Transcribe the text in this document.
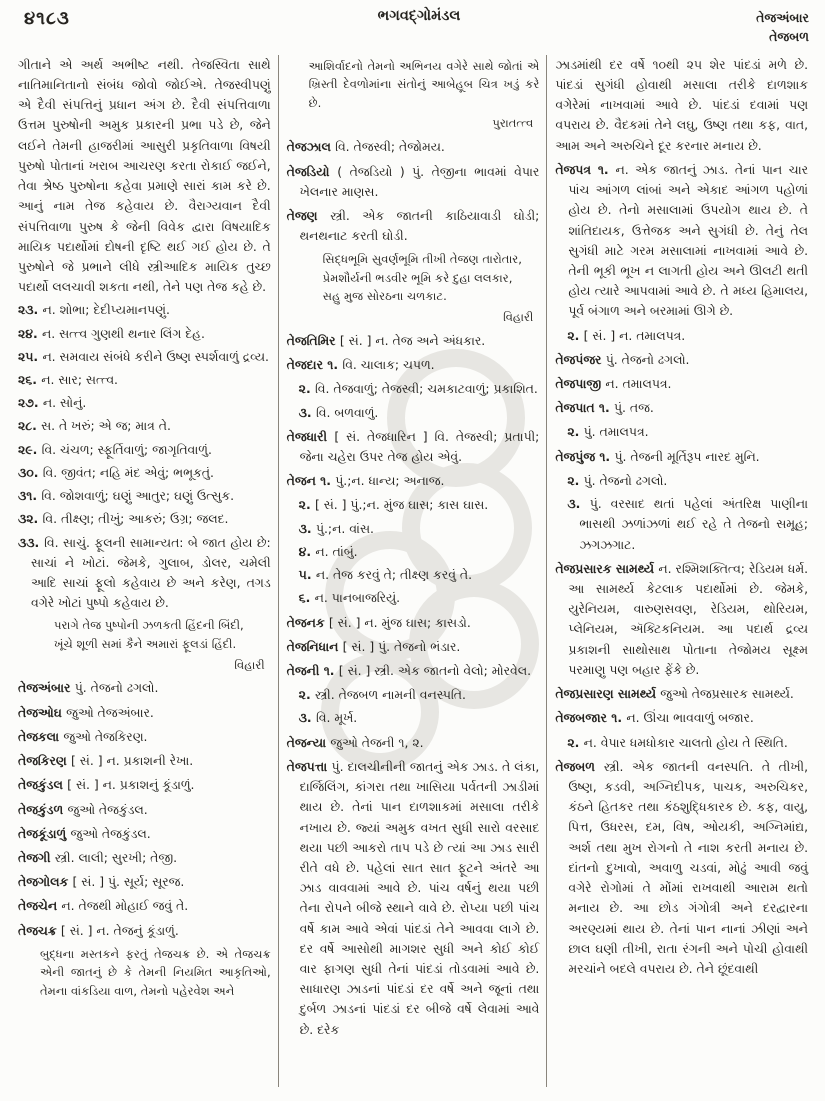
૪૧૮૩	ભગવદ્ગોમંડલ	તેજઅંબાર
તેજબળ

ગીતાને એ અર્થ અભીષ્ટ નથી. તેજસ્વિતા સાથે નાતિમાનિતાનો સંબંધ જોવો જોઈએ. તેજસ્વીપણું એ દૈવી સંપત્તિનું પ્રધાન અંગ છે. દૈવી સંપત્તિવાળા ઉત્તમ પુરુષોની અમુક પ્રકારની પ્રભા પડે છે, જેને લઈને તેમની હાજરીમાં આસુરી પ્રકૃતિવાળા વિષયી પુરુષો પોતાનાં ખરાબ આચરણ કરતા રોકાઈ જઈને, તેવા શ્રેષ્ઠ પુરુષોના કહેવા પ્રમાણે સારાં કામ કરે છે. આનું નામ તેજ કહેવાય છે. વૈરાગ્યવાન દૈવી સંપત્તિવાળા પુરુષ કે જેની વિવેક દ્વારા વિષયાદિક માયિક પદાર્થોમાં દોષની દૃષ્ટિ થઈ ગઈ હોય છે. તે પુરુષોને જે પ્રભાને લીધે સ્ત્રીઆદિક માયિક તુચ્છ પદાર્થો લલચાવી શકતા નથી, તેને પણ તેજ કહે છે.

૨૩. ન. શોભા; દેદીપ્યમાનપણું.

૨૪. ન. સત્ત્વ ગુણથી થનાર લિંગ દેહ.

૨૫. ન. સમવાય સંબંધે કરીને ઉષ્ણ સ્પર્શવાળું દ્રવ્ય.

૨૬. ન. સાર; સત્ત્વ.

૨૭. ન. સોનું.

૨૮. સ. તે ખરું; એ જ; માત્ર તે.

૨૯. વિ. ચંચળ; સ્ફૂર્તિવાળું; જાગૃતિવાળું.

૩૦. વિ. જીવંત; નહિ મંદ એવું; ભભૂકતું.

૩૧. વિ. જોશવાળું; ઘણું આતુર; ઘણું ઉત્સુક.

૩૨. વિ. તીક્ષ્ણ; તીખું; આકરું; ઉગ્ર; જલદ.

૩૩. વિ. સાચું. ફૂલની સામાન્યત: બે જાત હોય છે: સાચાં ને ખોટાં. જેમકે, ગુલાબ, ડોલર, ચમેલી આદિ સાચાં ફૂલો કહેવાય છે અને કરેણ, તગડ વગેરે ખોટાં પુષ્પો કહેવાય છે.

પરાગે તેજ પુષ્પોની ઝળકતી હિંદની બિંદી,
ખૂંચે શૂળી સમાં કૈને અમારાં ફૂલડાં હિંદી.

વિહારી

તેજઅંબાર પું. તેજનો ઢગલો.

તેજઓઘ જુઓ તેજઅંબાર.

તેજકલા જુઓ તેજકિરણ.

તેજકિરણ [ સં. ] ન. પ્રકાશની રેખા.

તેજકુંડલ [ સં. ] ન. પ્રકાશનું કૂંડાળું.

તેજકુંડળ જુઓ તેજકુંડલ.

તેજકૂંડાળું જુઓ તેજકુંડલ.

તેજગી સ્ત્રી. લાલી; સુરખી; તેજી.

તેજગોલક [ સં. ] પું. સૂર્ય; સૂરજ.

તેજચેન ન. તેજથી મોહાઈ જવું તે.

તેજચક્ર [ સં. ] ન. તેજનું કૂંડાળું.

બુદ્ધના મસ્તકને ફરતું તેજચક્ર છે. એ તેજચક્ર એની જાતનું છે કે તેમની નિયમિત આકૃતિઓ, તેમના વાંકડિયા વાળ, તેમનો પહેરવેશ અને

આશિર્વાદનો તેમનો અભિનય વગેરે સાથે જોતાં એ ખ્રિસ્તી દેવળોમાંના સંતોનું આબેહૂબ ચિત્ર ખડું કરે છે.

પુરાતત્ત્વ

તેજઝાલ વિ. તેજસ્વી; તેજોમય.

તેજડિયો ( તેજડિયો ) પું. તેજીના ભાવમાં વેપાર ખેલનાર માણસ.

તેજણ સ્ત્રી. એક જાતની કાઠિયાવાડી ઘોડી; થનથનાટ કરતી ઘોડી.

સિદ્ધભૂમિ સુવર્ણભૂમિ તીખી તેજણ તારોતાર,
પ્રેમશૌર્યની ભડવીર ભૂમિ કરે દુહા લલકાર,
સહુ મુજ સોરઠના ચળકાટ.

વિહારી

તેજતિમિર [ સં. ] ન. તેજ અને અંધકાર.

તેજદાર ૧. વિ. ચાલાક; ચપળ.

૨. વિ. તેજવાળું; તેજસ્વી; ચમકાટવાળું; પ્રકાશિત.

૩. વિ. બળવાળું.

તેજધારી [ સં. તેજધારિન ] વિ. તેજસ્વી; પ્રતાપી; જેના ચહેરા ઉપર તેજ હોય એવું.

તેજન ૧. પું.;ન. ધાન્ય; અનાજ.

૨. [ સં. ] પું.;ન. મુંજ ઘાસ; કાસ ઘાસ.

૩. પું.;ન. વાંસ.

૪. ન. તાંબું.

૫. ન. તેજ કરવું તે; તીક્ષ્ણ કરવું તે.

૬. ન. પાનબાજરિયું.

તેજનક [ સં. ] ન. મુંજ ઘાસ; કાસડો.

તેજનિધાન [ સં. ] પું. તેજનો ભંડાર.

તેજની ૧. [ સં. ] સ્ત્રી. એક જાતનો વેલો; મોરવેલ.

૨. સ્ત્રી. તેજબળ નામની વનસ્પતિ.

૩. વિ. મૂર્ખ.

તેજન્યા જુઓ તેજની ૧, ૨.

તેજપત્તા પું. દાલચીનીની જાતનું એક ઝાડ. તે લંકા, દાર્જિલિંગ, કાંગરા તથા ખાસિયા પર્વતની ઝાડીમાં થાય છે. તેનાં પાન દાળશાકમાં મસાલા તરીકે નખાય છે. જ્યાં અમુક વખત સુધી સારો વરસાદ થયા પછી આકરો તાપ પડે છે ત્યાં આ ઝાડ સારી રીતે વધે છે. પહેલાં સાત સાત ફૂટને અંતરે આ ઝાડ વાવવામાં આવે છે. પાંચ વર્ષનું થયા પછી તેના રોપને બીજે સ્થાને વાવે છે. રોપ્યા પછી પાંચ વર્ષે કામ આવે એવાં પાંદડાં તેને આવવા લાગે છે. દર વર્ષે આસોથી માગશર સુધી અને કોઈ કોઈ વાર ફાગણ સુધી તેનાં પાંદડાં તોડવામાં આવે છે. સાધારણ ઝાડનાં પાંદડાં દર વર્ષે અને જૂનાં તથા દુર્બળ ઝાડનાં પાંદડાં દર બીજે વર્ષે લેવામાં આવે છે. દરેક

ઝાડમાંથી દર વર્ષે ૧૦થી ૨૫ શેર પાંદડાં મળે છે. પાંદડાં સુગંધી હોવાથી મસાલા તરીકે દાળશાક વગેરેમાં નાખવામાં આવે છે. પાંદડાં દવામાં પણ વપરાય છે. વૈદકમાં તેને લઘુ, ઉષ્ણ તથા કફ, વાત, આમ અને અરુચિને દૂર કરનાર મનાય છે.

તેજપત્ર ૧. ન. એક જાતનું ઝાડ. તેનાં પાન ચાર પાંચ આંગળ લાંબાં અને એકાદ આંગળ પહોળાં હોય છે. તેનો મસાલામાં ઉપયોગ થાય છે. તે શાંતિદાયક, ઉત્તેજક અને સુગંધી છે. તેનું તેલ સુગંધી માટે ગરમ મસાલામાં નાખવામાં આવે છે. તેની ભૂકી ભૂખ ન લાગતી હોય અને ઊલટી થતી હોય ત્યારે આપવામાં આવે છે. તે મધ્ય હિમાલય, પૂર્વ બંગાળ અને બરમામાં ઊગે છે.

૨. [ સં. ] ન. તમાલપત્ર.

તેજપંજર પું. તેજનો ઢગલો.

તેજપાજી ન. તમાલપત્ર.

તેજપાત ૧. પું. તજ.

૨. પું. તમાલપત્ર.

તેજપુંજ ૧. પું. તેજની મૂર્તિરૂપ નારદ મુનિ.

૨. પું. તેજનો ઢગલો.

૩. પું. વરસાદ થતાં પહેલાં અંતરિક્ષ પાણીના ભાસથી ઝળાંઝળાં થઈ રહે તે તેજનો સમૂહ; ઝગઝગાટ.

તેજપ્રસારક સામર્થ્ય ન. રશ્મિશક્તિત્વ; રેડિયમ ધર્મ. આ સામર્થ્ય કેટલાક પદાર્થોમાં છે. જેમકે, યુરેનિયમ, વારુણસવણ, રેડિયમ, થોરિયમ, પ્લેનિયમ, ઍક્ટિકનિયમ. આ પદાર્થ દ્રવ્ય પ્રકાશની સાથોસાથ પોતાના તેજોમય સૂક્ષ્મ પરમાણુ પણ બહાર ફેંકે છે.

તેજપ્રસારણ સામર્થ્ય જુઓ તેજપ્રસારક સામર્થ્ય.

તેજબજાર ૧. ન. ઊંચા ભાવવાળું બજાર.

૨. ન. વેપાર ધમધોકાર ચાલતો હોય તે સ્થિતિ.

તેજબળ સ્ત્રી. એક જાતની વનસ્પતિ. તે તીખી, ઉષ્ણ, કડવી, અગ્નિદીપક, પાચક, અરુચિકર, કંઠને હિતકર તથા કંઠશુદ્ધિકારક છે. કફ, વાયુ, પિત્ત, ઉધરસ, દમ, વિષ, ઓયકી, અગ્નિમાંદ્ય, અર્શ તથા મુખ રોગનો તે નાશ કરતી મનાય છે. દાંતનો દુખાવો, અવાળુ ચડવાં, મોઢું આવી જવું વગેરે રોગોમાં તે મોંમાં રાખવાથી આરામ થતો મનાય છે. આ છોડ ગંગોત્રી અને દરદ્વારના અરણ્યમાં થાય છે. તેનાં પાન નાનાં ઝીણાં અને છાલ ઘણી તીખી, રાતા રંગની અને પોચી હોવાથી મરચાંને બદલે વપરાય છે. તેને છૂંદવાથી
